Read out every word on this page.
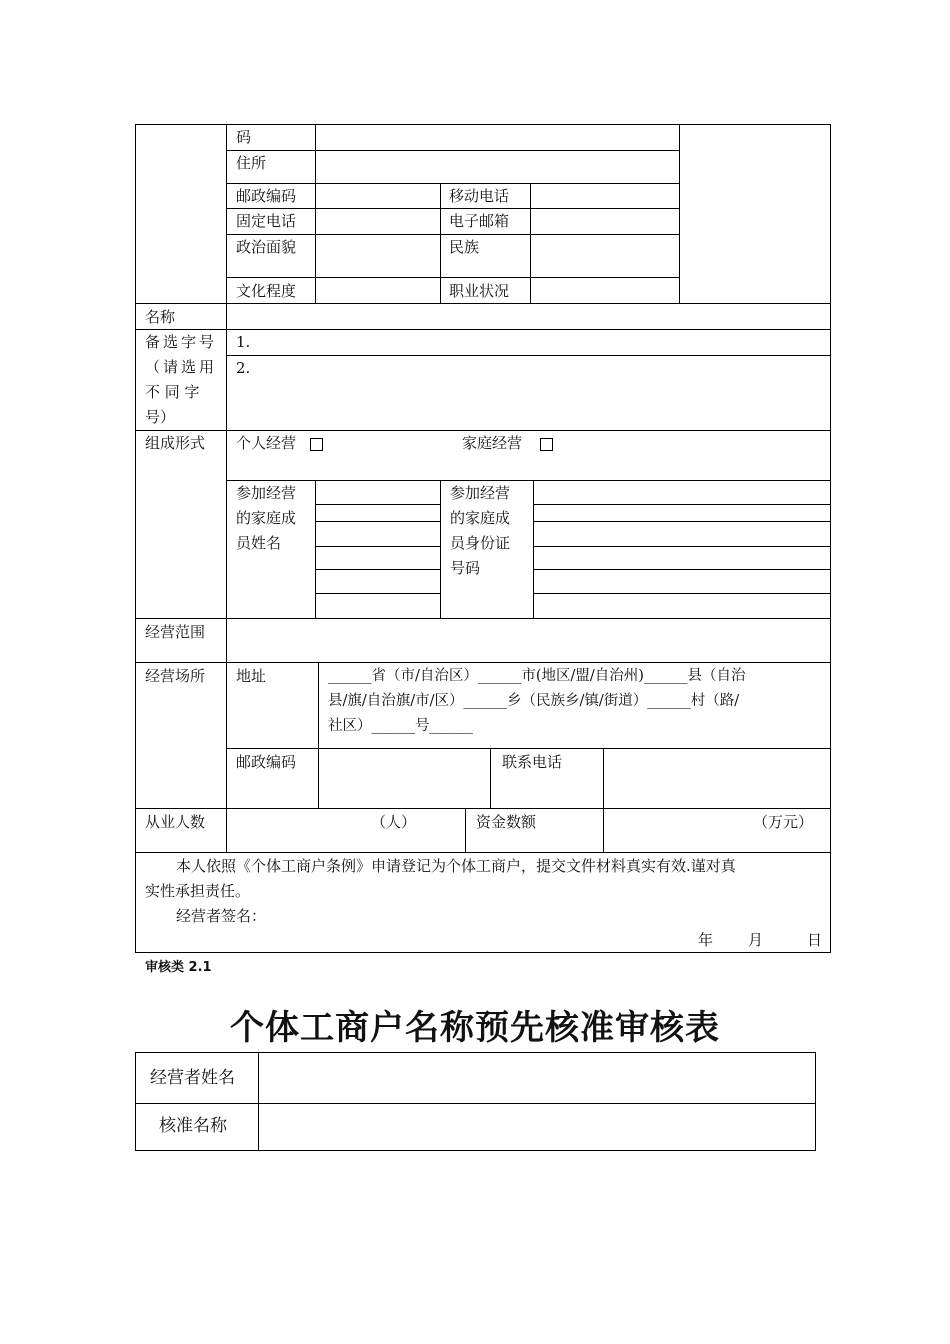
码
住所
邮政编码	移动电话
固定电话	电子邮箱
政治面貌	民族
文化程度	职业状况
名称
备选字号
（请选用
不 同 字
号）
1.
2.
组成形式 个人经营	家庭经营
参加经营
的家庭成
员姓名
参加经营
的家庭成
员身份证
号码
经营范围
经营场所 地址	______省（市/自治区）______市(地区/盟/自治州)______县（自治
县/旗/自治旗/市/区）______乡（民族乡/镇/街道）______村（路/
社区）______号______
邮政编码	联系电话
从业人数	（人）	资金数额	（万元）
本人依照《个体工商户条例》申请登记为个体工商户，提交文件材料真实有效.谨对真
实性承担责任。
经营者签名：
年 月	日
审核类 2.1
个体工商户名称预先核准审核表
经营者姓名
核准名称
